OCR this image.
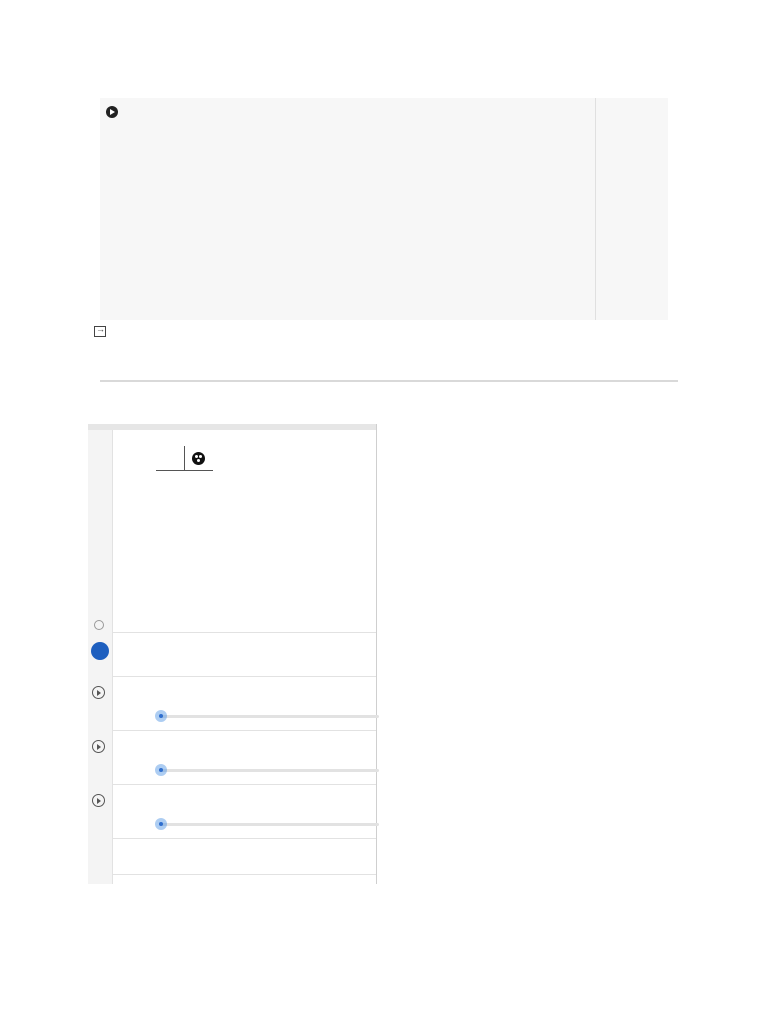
→
